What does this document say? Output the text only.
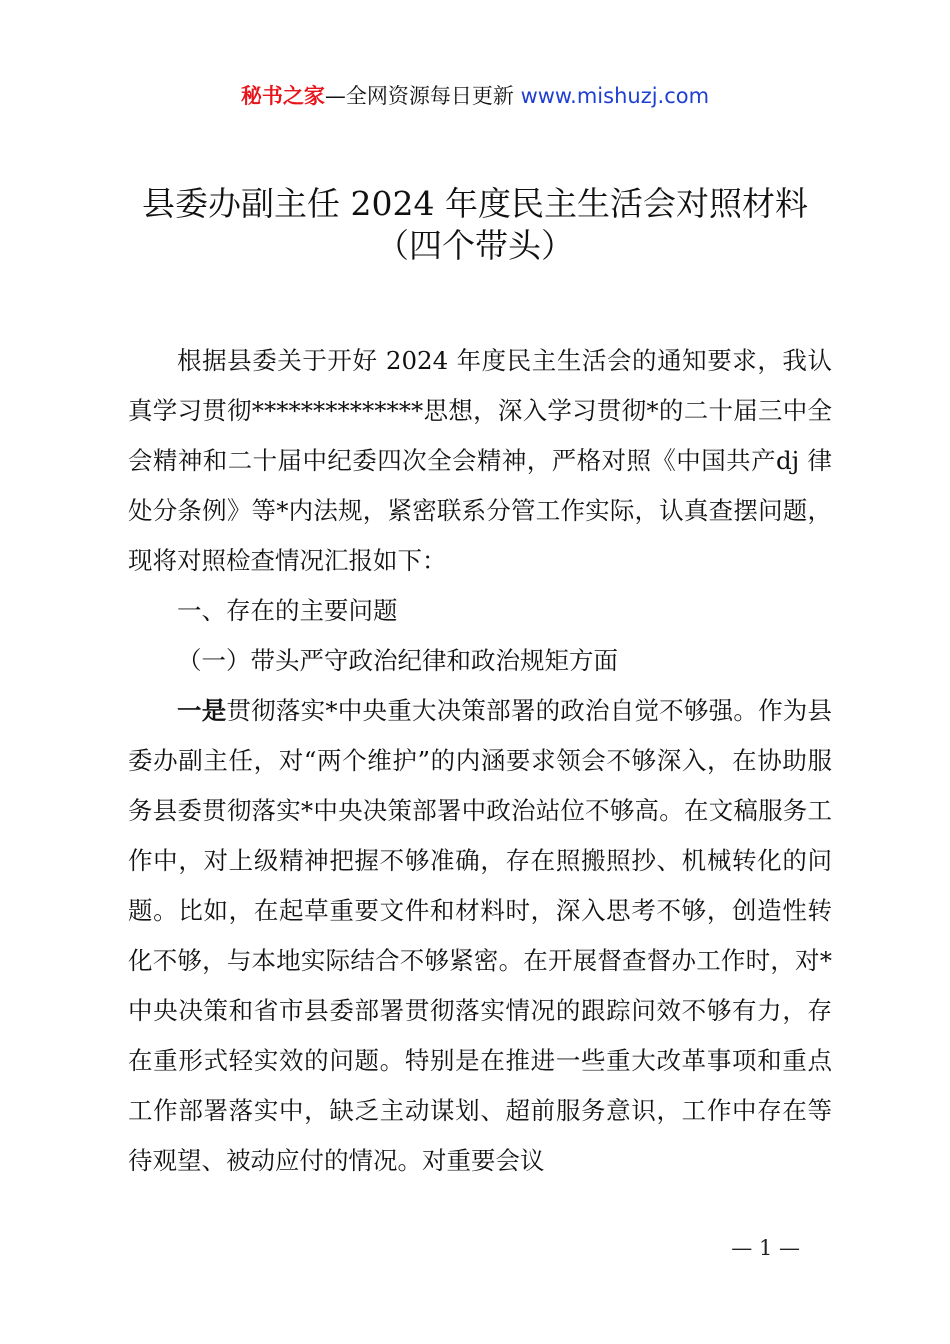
秘书之家—全网资源每日更新 www.mishuzj.com
县委办副主任 2024 年度民主生活会对照材料
（四个带头）

根据县委关于开好 2024 年度民主生活会的通知要求，我认真学习贯彻**************思想，深入学习贯彻*的二十届三中全会精神和二十届中纪委四次全会精神，严格对照《中国共产dj 律处分条例》等*内法规，紧密联系分管工作实际，认真查摆问题，现将对照检查情况汇报如下：

一、存在的主要问题

（一）带头严守政治纪律和政治规矩方面

一是贯彻落实*中央重大决策部署的政治自觉不够强。作为县委办副主任，对“两个维护”的内涵要求领会不够深入，在协助服务县委贯彻落实*中央决策部署中政治站位不够高。在文稿服务工作中，对上级精神把握不够准确，存在照搬照抄、机械转化的问题。比如，在起草重要文件和材料时，深入思考不够，创造性转化不够，与本地实际结合不够紧密。在开展督查督办工作时，对*中央决策和省市县委部署贯彻落实情况的跟踪问效不够有力，存在重形式轻实效的问题。特别是在推进一些重大改革事项和重点工作部署落实中，缺乏主动谋划、超前服务意识，工作中存在等待观望、被动应付的情况。对重要会议

— 1 —
